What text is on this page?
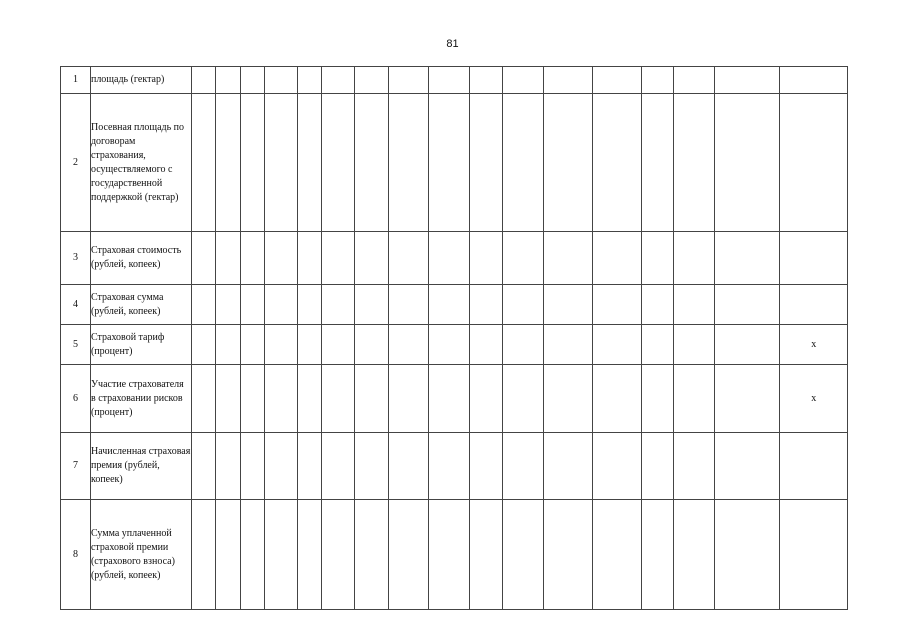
81
1	площадь (гектар)																	
2	Посевная площадь по договорам страхования, осуществляемого с государственной поддержкой (гектар)																	
3	Страховая стоимость (рублей, копеек)																	
4	Страховая сумма (рублей, копеек)																	
5	Страховой тариф (процент)																	x
6	Участие страхователя в страховании рисков (процент)																	x
7	Начисленная страховая премия (рублей, копеек)																	
8	Сумма уплаченной страховой премии (страхового взноса) (рублей, копеек)																	
